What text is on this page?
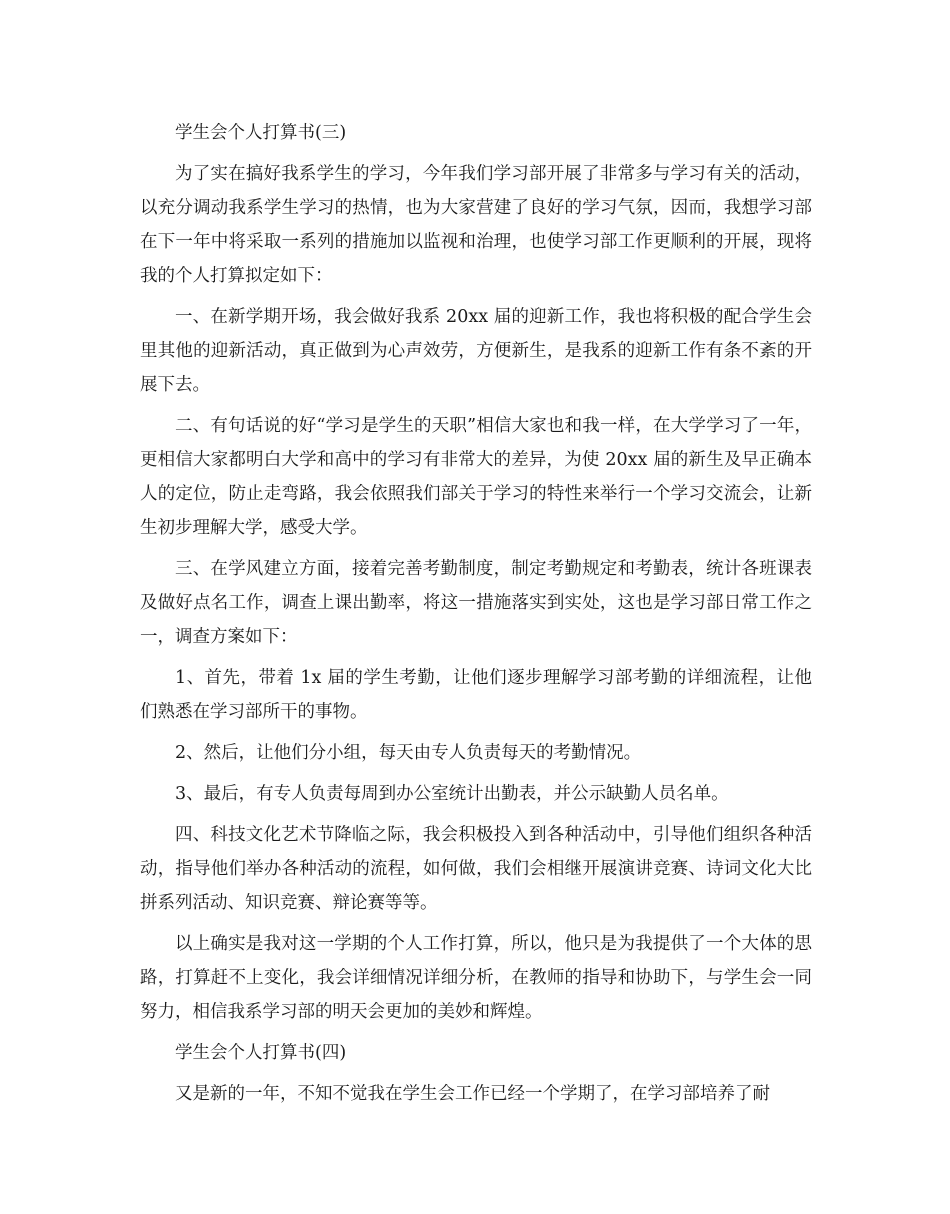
学生会个人打算书(三)

为了实在搞好我系学生的学习，今年我们学习部开展了非常多与学习有关的活动，以充分调动我系学生学习的热情，也为大家营建了良好的学习气氛，因而，我想学习部在下一年中将采取一系列的措施加以监视和治理，也使学习部工作更顺利的开展，现将我的个人打算拟定如下：

一、在新学期开场，我会做好我系 20xx 届的迎新工作，我也将积极的配合学生会里其他的迎新活动，真正做到为心声效劳，方便新生，是我系的迎新工作有条不紊的开展下去。

二、有句话说的好“学习是学生的天职”相信大家也和我一样，在大学学习了一年，更相信大家都明白大学和高中的学习有非常大的差异，为使 20xx 届的新生及早正确本人的定位，防止走弯路，我会依照我们部关于学习的特性来举行一个学习交流会，让新生初步理解大学，感受大学。

三、在学风建立方面，接着完善考勤制度，制定考勤规定和考勤表，统计各班课表及做好点名工作，调查上课出勤率，将这一措施落实到实处，这也是学习部日常工作之一，调查方案如下：

1、首先，带着 1x 届的学生考勤，让他们逐步理解学习部考勤的详细流程，让他们熟悉在学习部所干的事物。

2、然后，让他们分小组，每天由专人负责每天的考勤情况。

3、最后，有专人负责每周到办公室统计出勤表，并公示缺勤人员名单。

四、科技文化艺术节降临之际，我会积极投入到各种活动中，引导他们组织各种活动，指导他们举办各种活动的流程，如何做，我们会相继开展演讲竞赛、诗词文化大比拼系列活动、知识竞赛、辩论赛等等。

以上确实是我对这一学期的个人工作打算，所以，他只是为我提供了一个大体的思路，打算赶不上变化，我会详细情况详细分析，在教师的指导和协助下，与学生会一同努力，相信我系学习部的明天会更加的美妙和辉煌。

学生会个人打算书(四)

又是新的一年，不知不觉我在学生会工作已经一个学期了，在学习部培养了耐
